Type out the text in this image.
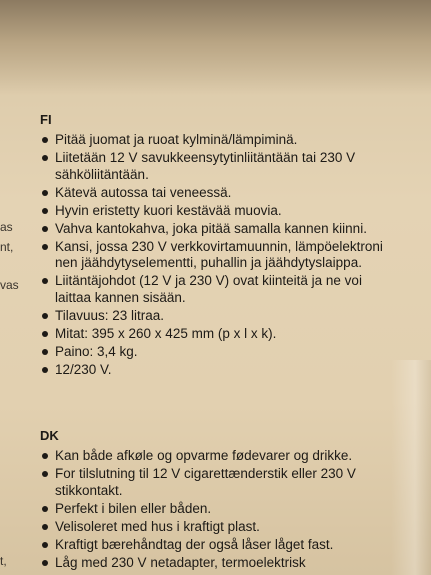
as
nt,
vas
t,
FI
Pitää juomat ja ruoat kylminä/lämpiminä.
Liitetään 12 V savukkeensytytinliitäntään tai 230 V
sähköliitäntään.
Kätevä autossa tai veneessä.
Hyvin eristetty kuori kestävää muovia.
Vahva kantokahva, joka pitää samalla kannen kiinni.
Kansi, jossa 230 V verkkovirtamuunnin, lämpöelektroni
nen jäähdytyselementti, puhallin ja jäähdytyslaippa.
Liitäntäjohdot (12 V ja 230 V) ovat kiinteitä ja ne voi
laittaa kannen sisään.
Tilavuus: 23 litraa.
Mitat: 395 x 260 x 425 mm (p x l x k).
Paino: 3,4 kg.
12/230 V.
DK
Kan både afkøle og opvarme fødevarer og drikke.
For tilslutning til 12 V cigarettænderstik eller 230 V
stikkontakt.
Perfekt i bilen eller båden.
Velisoleret med hus i kraftigt plast.
Kraftigt bærehåndtag der også låser låget fast.
Låg med 230 V netadapter, termoelektrisk
